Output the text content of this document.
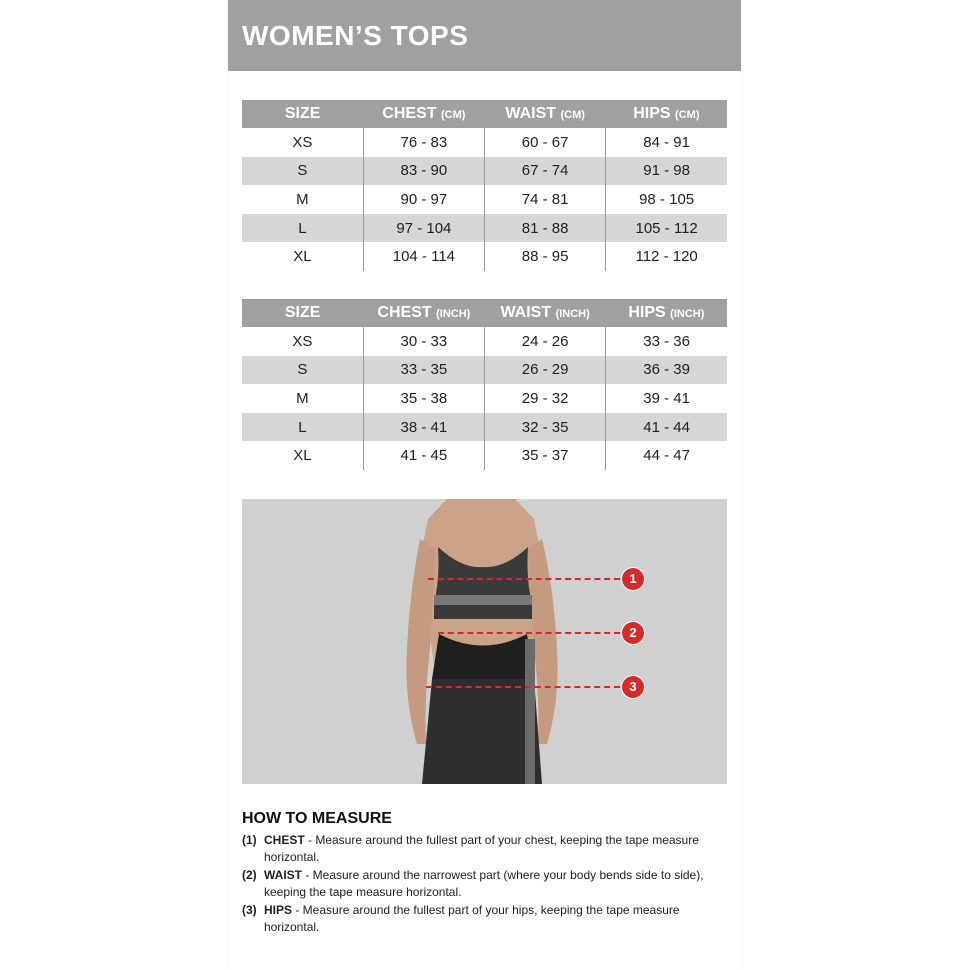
WOMEN’S TOPS
SIZE	CHEST (CM)	WAIST (CM)	HIPS (CM)
XS	76 - 83	60 - 67	84 - 91
S	83 - 90	67 - 74	91 - 98
M	90 - 97	74 - 81	98 - 105
L	97 - 104	81 - 88	105 - 112
XL	104 - 114	88 - 95	112 - 120
SIZE	CHEST (INCH)	WAIST (INCH)	HIPS (INCH)
XS	30 - 33	24 - 26	33 - 36
S	33 - 35	26 - 29	36 - 39
M	35 - 38	29 - 32	39 - 41
L	38 - 41	32 - 35	41 - 44
XL	41 - 45	35 - 37	44 - 47
1
2
3
HOW TO MEASURE
(1) CHEST - Measure around the fullest part of your chest, keeping the tape measure horizontal.
(2) WAIST - Measure around the narrowest part (where your body bends side to side), keeping the tape measure horizontal.
(3) HIPS - Measure around the fullest part of your hips, keeping the tape measure horizontal.
